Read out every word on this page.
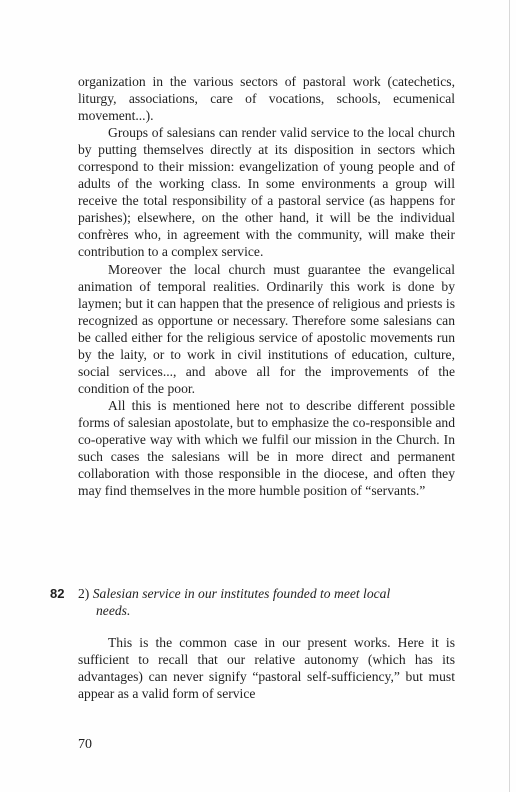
organization in the various sectors of pastoral work (catechetics, liturgy, associations, care of vocations, schools, ecumenical movement...).

Groups of salesians can render valid service to the local church by putting themselves directly at its disposition in sectors which correspond to their mission: evangelization of young people and of adults of the working class. In some environments a group will receive the total responsibility of a pastoral service (as happens for parishes); elsewhere, on the other hand, it will be the individual confrères who, in agreement with the community, will make their contribution to a complex service.

Moreover the local church must guarantee the evangelical animation of temporal realities. Ordinarily this work is done by laymen; but it can happen that the presence of religious and priests is recognized as opportune or necessary. Therefore some salesians can be called either for the religious service of apostolic movements run by the laity, or to work in civil institutions of education, culture, social services..., and above all for the improvements of the condition of the poor.

All this is mentioned here not to describe different possible forms of salesian apostolate, but to emphasize the co-responsible and co-operative way with which we fulfil our mission in the Church. In such cases the salesians will be in more direct and permanent collaboration with those responsible in the diocese, and often they may find themselves in the more humble position of “servants.”

82 2) Salesian service in our institutes founded to meet local
needs.

This is the common case in our present works. Here it is sufficient to recall that our relative autonomy (which has its advantages) can never signify “pastoral self-sufficiency,” but must appear as a valid form of service

70
